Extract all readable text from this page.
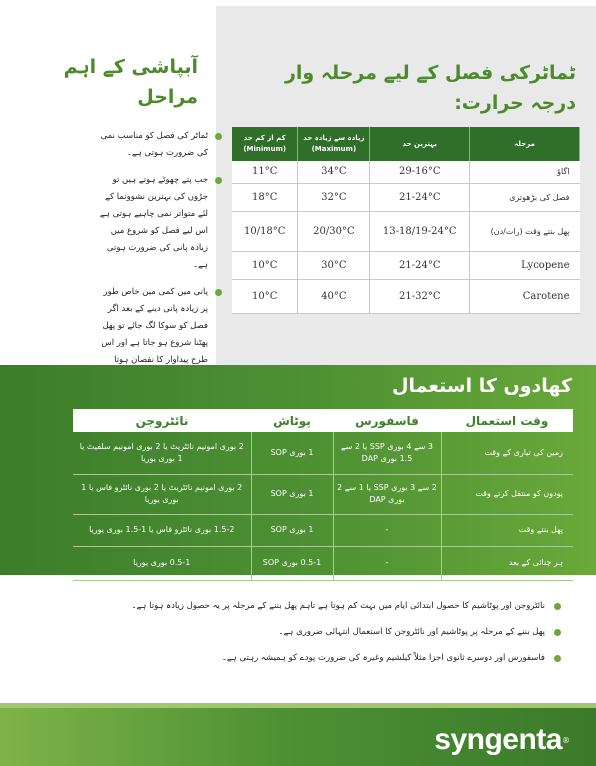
ٹماٹرکی فصل کے لیے مرحلہ وار درجہ حرارت:
کم از کم حد (Minimum)	زیادہ سے زیادہ حد (Maximum)	بہترین حد	مرحلہ
11°C	34°C	29-16°C	اگاؤ
18°C	32°C	21-24°C	فصل کی بڑھوتری
10/18°C	20/30°C	13-18/19-24°C	پھل بنتے وقت (رات/دن)
10°C	30°C	21-24°C	Lycopene
10°C	40°C	21-32°C	Carotene
آبپاشی کے اہم مراحل
ٹماٹر کی فصل کو مناسب نمی کی ضرورت ہوتی ہے۔
جب پتے چھوٹے ہوتے ہیں تو جڑوں کی بہترین نشوونما کے لئے متواتر نمی چاہیے ہوتی ہے اس لیے فصل کو شروع میں زیادہ پانی کی ضرورت ہوتی ہے۔
پانی میں کمی میں خاص طور پر زیادہ پانی دینے کے بعد اگر فصل کو سوکا لگ جائے تو پھل پھٹنا شروع ہو جاتا ہے اور اس طرح پیداوار کا نقصان ہوتا
کھادوں کا استعمال
نائٹروجن	پوٹاش	فاسفورس	وقت استعمال
2 بوری امونیم نائٹریٹ یا 2 بوری امونیم سلفیٹ یا 1 بوری یوریا	1 بوری SOP	3 سے 4 بوری SSP یا 2 سے 1.5 بوری DAP	زمین کی تیاری کے وقت
2 بوری امونیم نائٹریٹ یا 2 بوری نائٹرو فاس یا 1 بوری یوریا	1 بوری SOP	2 سے 3 بوری SSP یا 1 سے 2 بوری DAP	پودوں کو منتقل کرتے وقت
1.5-2 بوری نائٹرو فاس یا 1-1.5 بوری یوریا	1 بوری SOP	-	پھل بنتے وقت
0.5-1 بوری یوریا	0.5-1 بوری SOP	-	ہر چنائی کے بعد
نائٹروجن اور پوٹاشیم کا حصول ابتدائی ایام میں بہت کم ہوتا ہے تاہم پھل بننے کے مرحلہ پر یہ حصول زیادہ ہوتا ہے۔
پھل بننے کے مرحلہ پر پوٹاشیم اور نائٹروجن کا استعمال انتہائی ضروری ہے۔
فاسفورس اور دوسرے ثانوی اجزا مثلاً کیلشیم وغیرہ کی ضرورت پودے کو ہمیشہ رہتی ہے۔
syngenta ®
